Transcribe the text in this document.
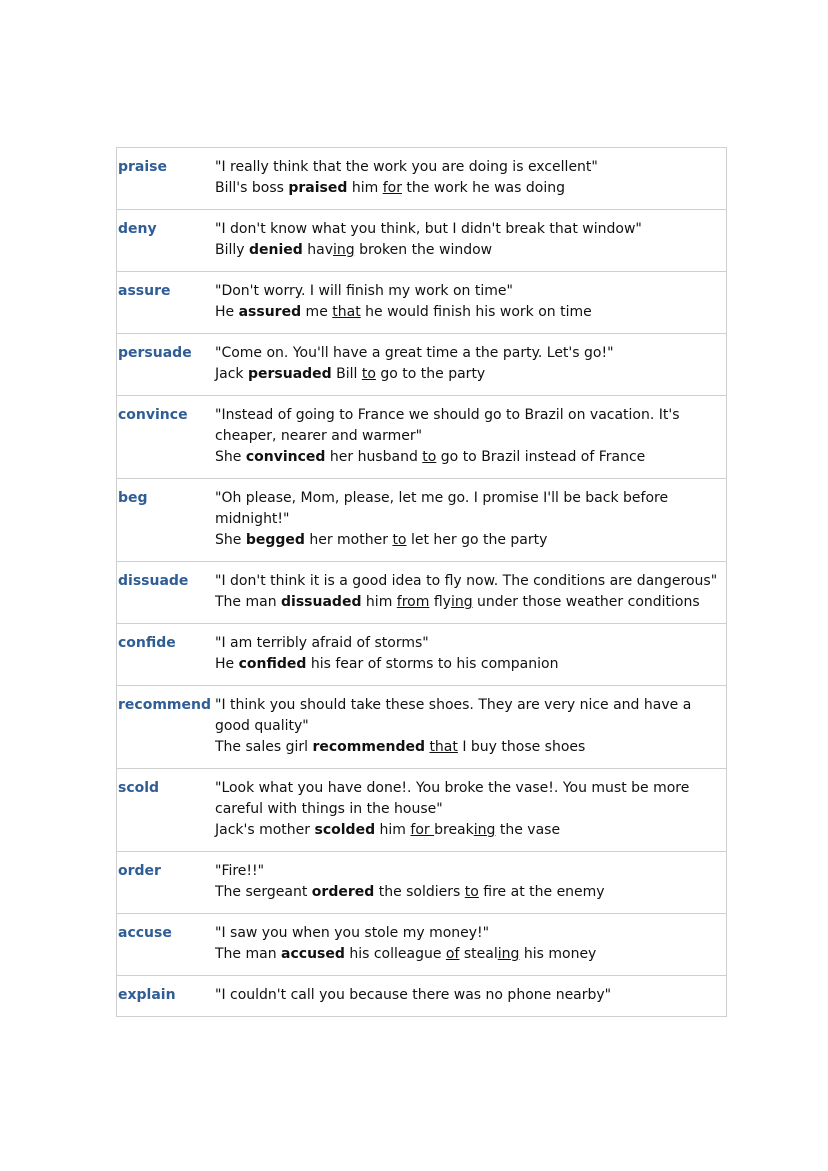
praise	"I really think that the work you are doing is excellent"
Bill's boss praised him for the work he was doing

deny	"I don't know what you think, but I didn't break that window"
Billy denied having broken the window

assure	"Don't worry. I will finish my work on time"
He assured me that he would finish his work on time

persuade	"Come on. You'll have a great time a the party. Let's go!"
Jack persuaded Bill to go to the party

convince	"Instead of going to France we should go to Brazil on vacation. It's cheaper, nearer and warmer"
She convinced her husband to go to Brazil instead of France

beg	"Oh please, Mom, please, let me go. I promise I'll be back before midnight!"
She begged her mother to let her go the party

dissuade	"I don't think it is a good idea to fly now. The conditions are dangerous"
The man dissuaded him from flying under those weather conditions

confide	"I am terribly afraid of storms"
He confided his fear of storms to his companion

recommend	"I think you should take these shoes. They are very nice and have a good quality"
The sales girl recommended that I buy those shoes

scold	"Look what you have done!. You broke the vase!. You must be more careful with things in the house"
Jack's mother scolded him for breaking the vase

order	"Fire!!"
The sergeant ordered the soldiers to fire at the enemy

accuse	"I saw you when you stole my money!"
The man accused his colleague of stealing his money

explain	"I couldn't call you because there was no phone nearby"
